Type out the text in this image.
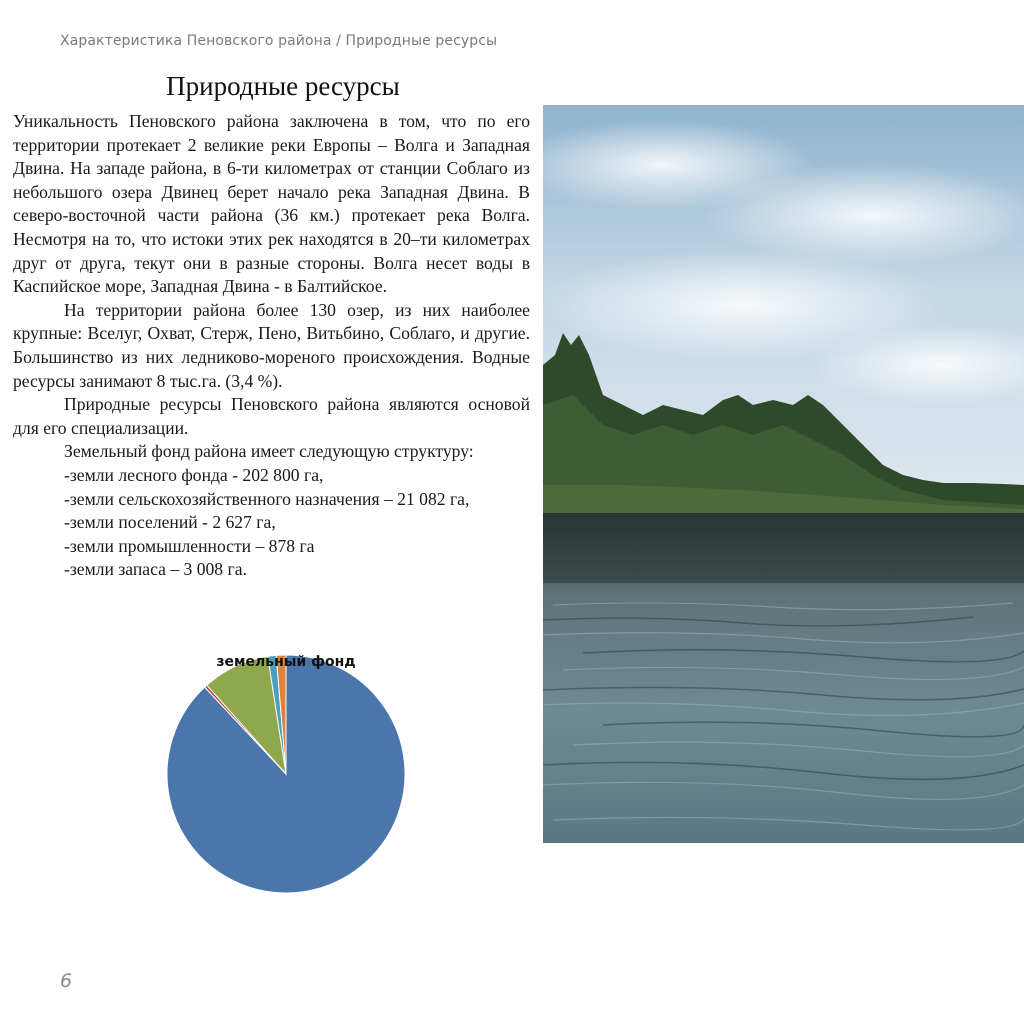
Характеристика Пеновского района / Природные ресурсы
Природные ресурсы

Уникальность Пеновского района заключена в том, что по его территории протекает 2 великие реки Европы – Волга и Западная Двина. На западе района, в 6-ти километрах от станции Соблаго из небольшого озера Двинец берет начало река Западная Двина. В северо-восточной части района (36 км.) протекает река Волга. Несмотря на то, что истоки этих рек находятся в 20–ти километрах друг от друга, текут они в разные стороны. Волга несет воды в Каспийское море, Западная Двина - в Балтийское.

На территории района более 130 озер, из них наиболее крупные: Вселуг, Охват, Стерж, Пено, Витьбино, Соблаго, и другие. Большинство из них ледниково-мореного происхождения. Водные ресурсы занимают 8 тыс.га. (3,4 %).

Природные ресурсы Пеновского района являются основой для его специализации.

Земельный фонд района имеет следующую структуру:

-земли лесного фонда - 202 800 га,
-земли сельскохозяйственного назначения – 21 082 га,
-земли поселений - 2 627 га,
-земли промышленности – 878 га
-земли запаса – 3 008 га.
земельный фонд
6
